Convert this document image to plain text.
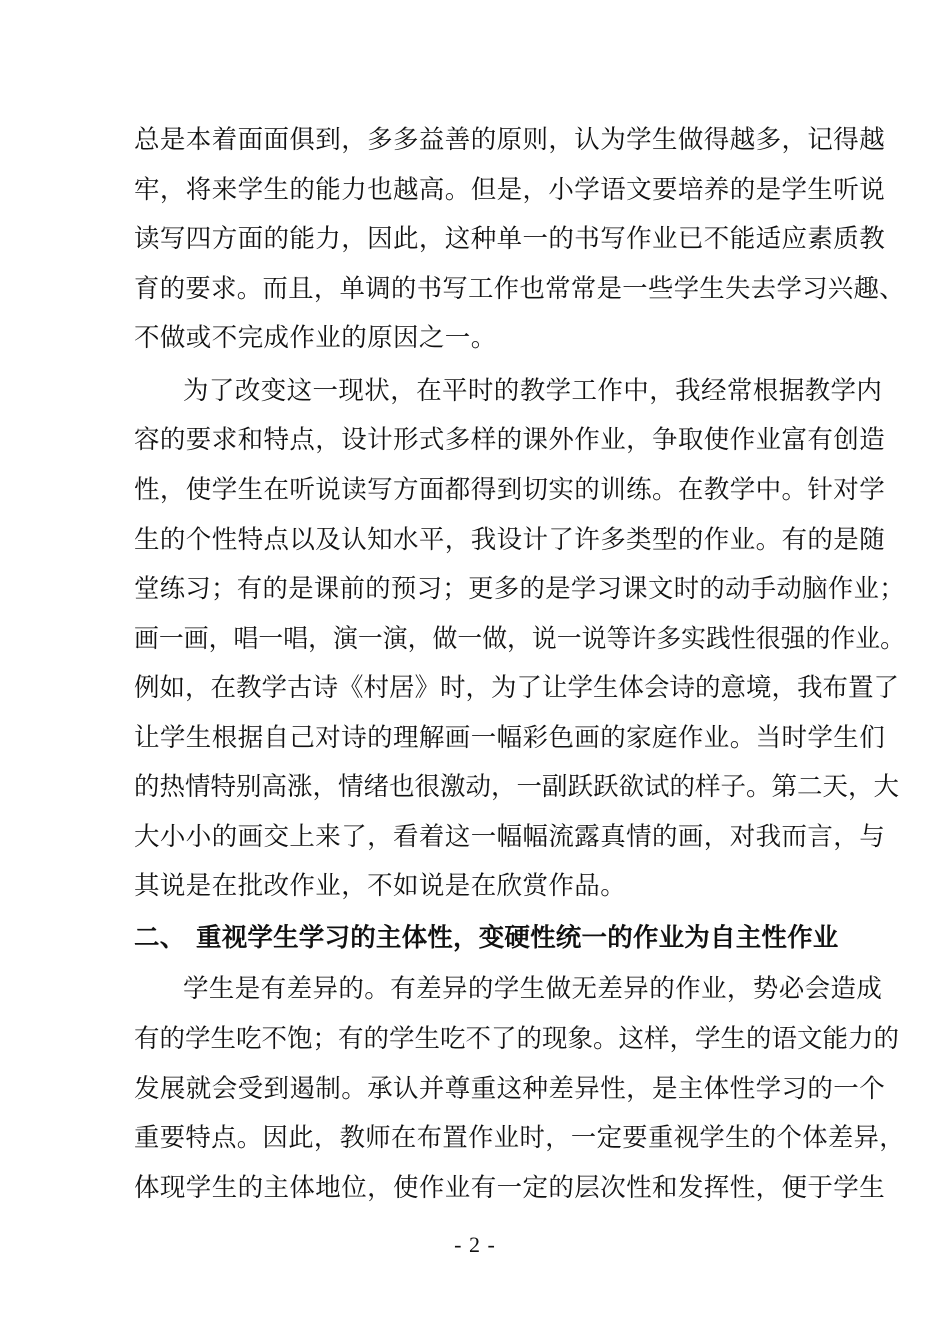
总是本着面面俱到，多多益善的原则，认为学生做得越多，记得越
牢，将来学生的能力也越高。但是，小学语文要培养的是学生听说
读写四方面的能力，因此，这种单一的书写作业已不能适应素质教
育的要求。而且，单调的书写工作也常常是一些学生失去学习兴趣、
不做或不完成作业的原因之一。
为了改变这一现状，在平时的教学工作中，我经常根据教学内
容的要求和特点，设计形式多样的课外作业，争取使作业富有创造
性，使学生在听说读写方面都得到切实的训练。在教学中。针对学
生的个性特点以及认知水平，我设计了许多类型的作业。有的是随
堂练习；有的是课前的预习；更多的是学习课文时的动手动脑作业；
画一画，唱一唱，演一演，做一做，说一说等许多实践性很强的作业。
例如，在教学古诗《村居》时，为了让学生体会诗的意境，我布置了
让学生根据自己对诗的理解画一幅彩色画的家庭作业。当时学生们
的热情特别高涨，情绪也很激动，一副跃跃欲试的样子。第二天，大
大小小的画交上来了，看着这一幅幅流露真情的画，对我而言，与
其说是在批改作业，不如说是在欣赏作品。
二、 重视学生学习的主体性，变硬性统一的作业为自主性作业
学生是有差异的。有差异的学生做无差异的作业，势必会造成
有的学生吃不饱；有的学生吃不了的现象。这样，学生的语文能力的
发展就会受到遏制。承认并尊重这种差异性，是主体性学习的一个
重要特点。因此，教师在布置作业时，一定要重视学生的个体差异，
体现学生的主体地位，使作业有一定的层次性和发挥性，便于学生
- 2 -
